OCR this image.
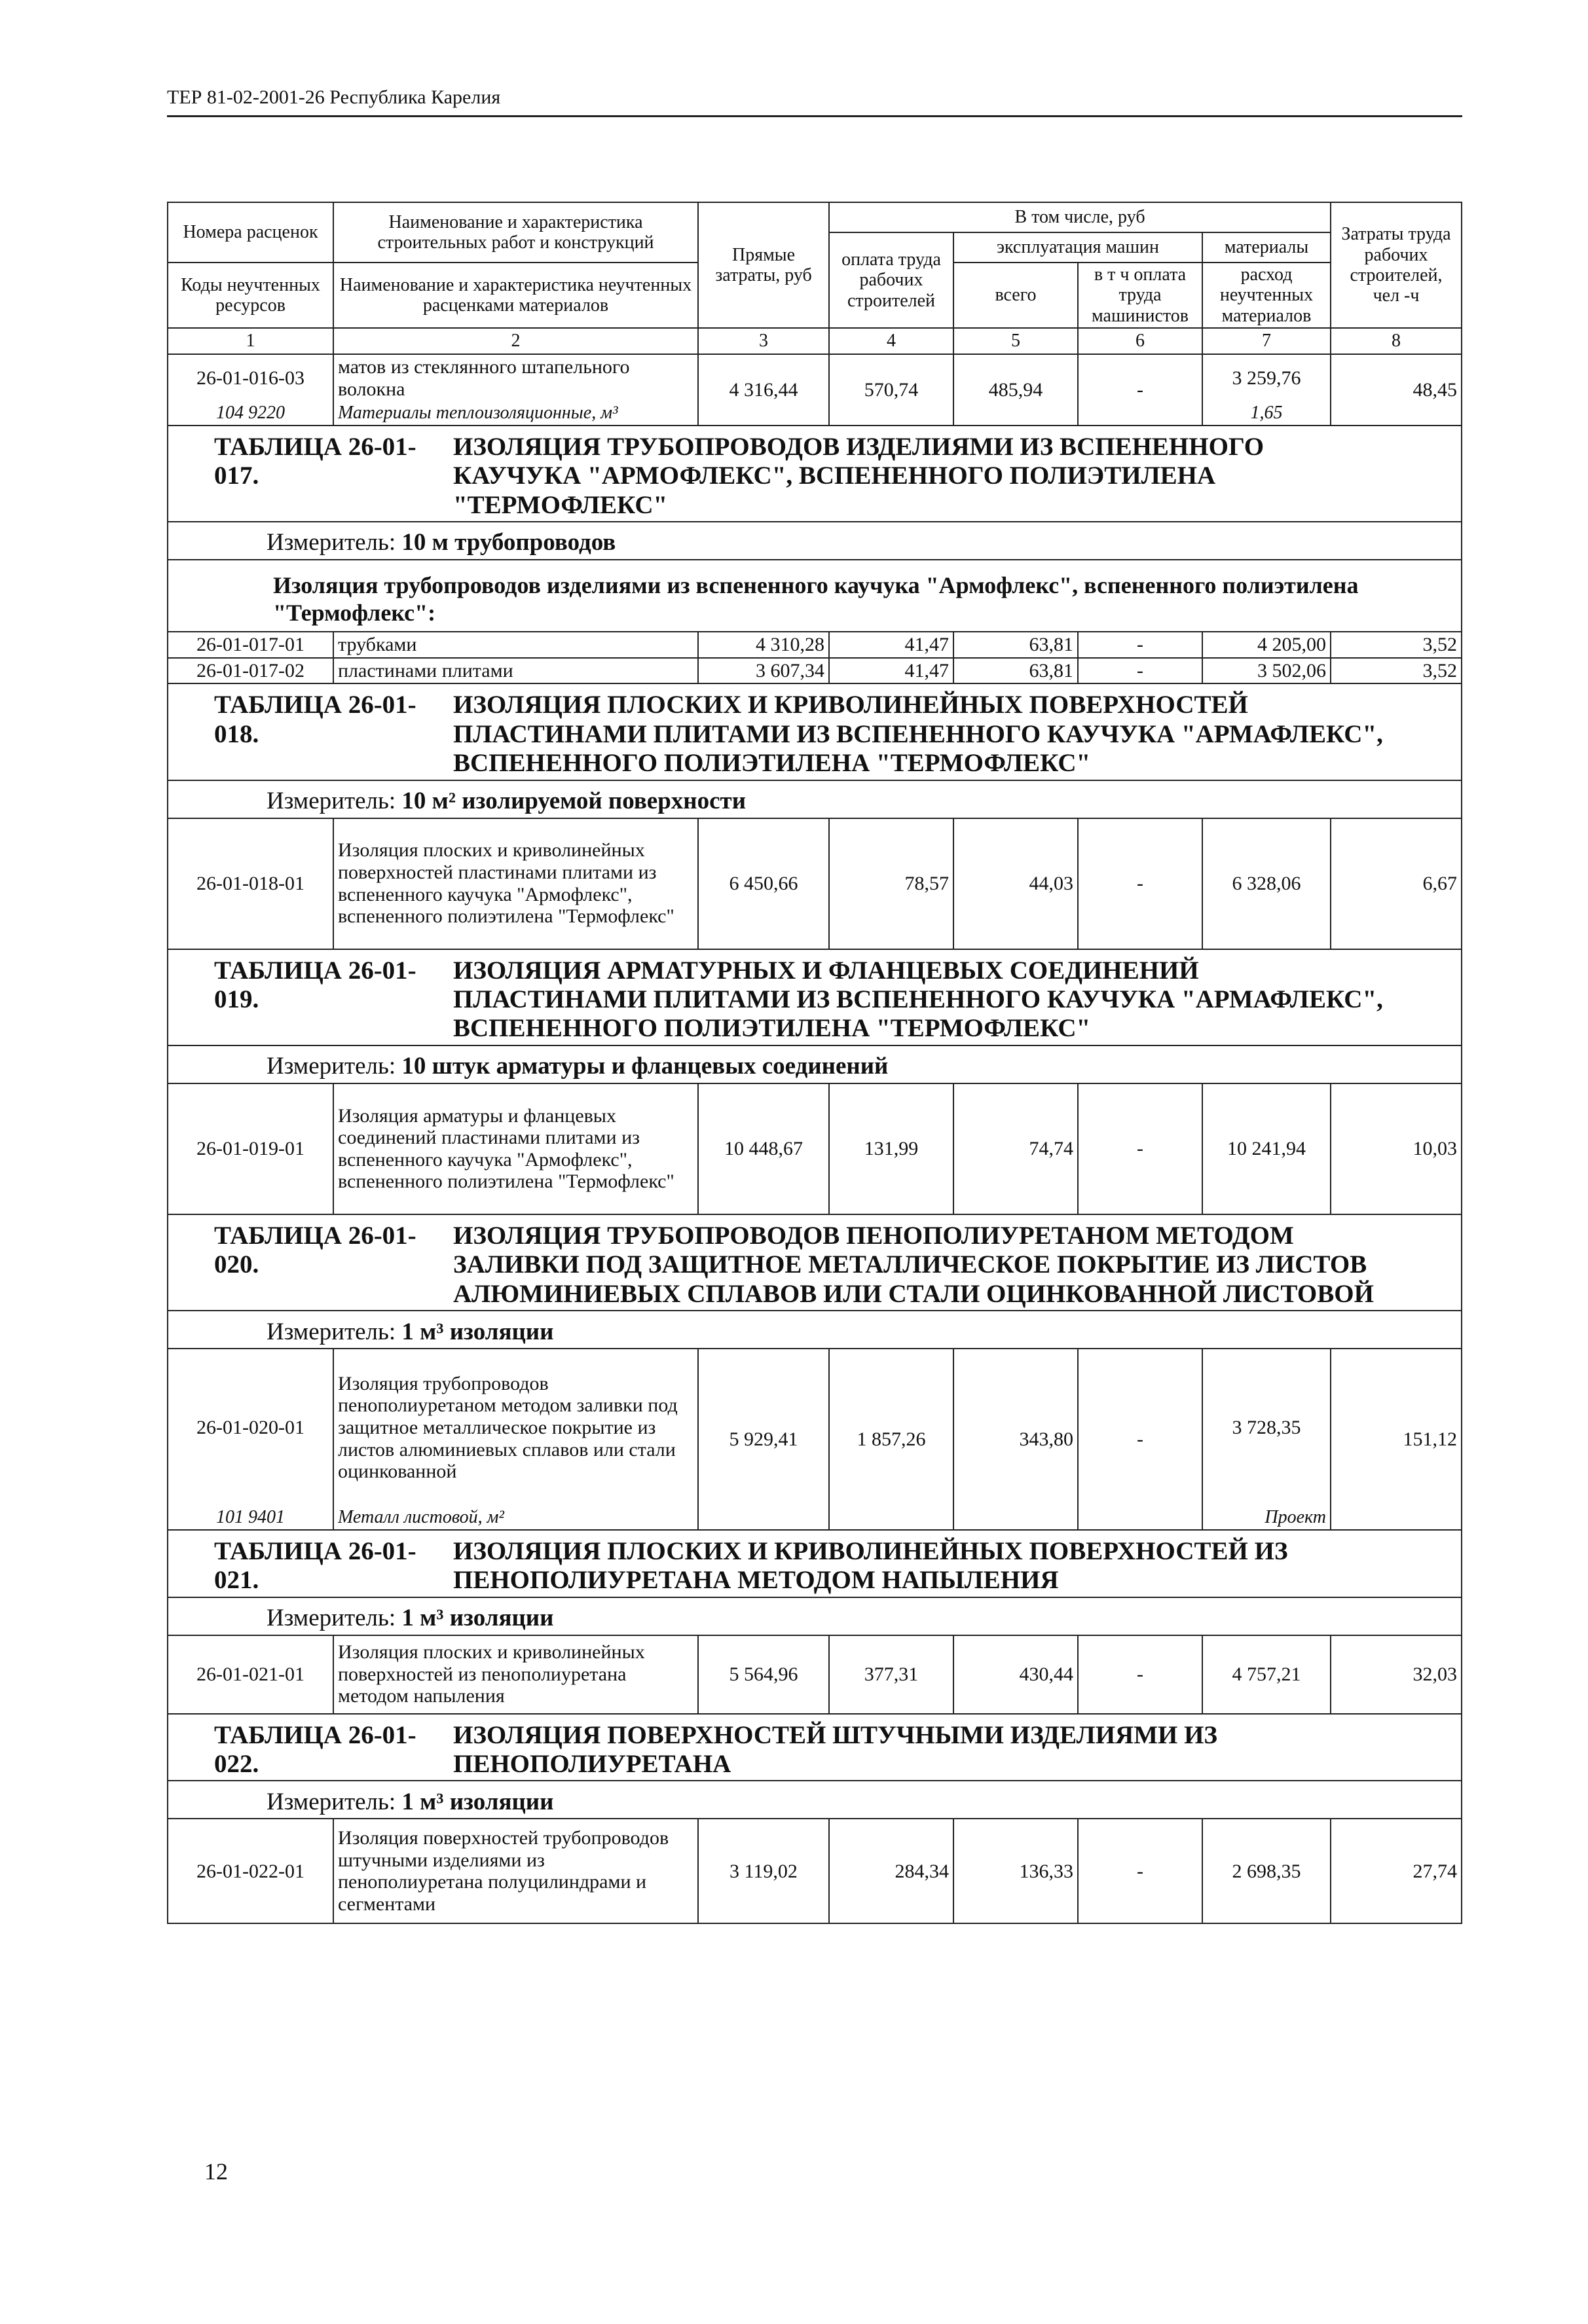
ТЕР 81-02-2001-26 Республика Карелия
Номера расценок	Наименование и характеристика строительных работ и конструкций	Прямые затраты, руб	В том числе, руб				Затраты труда рабочих строителей, чел -ч
			оплата труда рабочих строителей	эксплуатация машин		материалы	
Коды неучтенных ресурсов	Наименование и характеристика неучтенных расценками материалов			всего	в т ч оплата труда машинистов	расход неучтенных материалов	

1	2	3	4	5	6	7	8
26-01-016-03	матов из стеклянного штапельного волокна	4 316,44	570,74	485,94	-	3 259,76	48,45
104 9220	Материалы теплоизоляционные, м³					1,65	
ТАБЛИЦА 26-01-017.ИЗОЛЯЦИЯ ТРУБОПРОВОДОВ ИЗДЕЛИЯМИ ИЗ ВСПЕНЕННОГО КАУЧУКА "АРМОФЛЕКС", ВСПЕНЕННОГО ПОЛИЭТИЛЕНА "ТЕРМОФЛЕКС"							
Измеритель: 10 м трубопроводов							
Изоляция трубопроводов изделиями из вспененного каучука "Армофлекс", вспененного полиэтилена "Термофлекс":							
26-01-017-01	трубками	4 310,28	41,47	63,81	-	4 205,00	3,52
26-01-017-02	пластинами плитами	3 607,34	41,47	63,81	-	3 502,06	3,52
ТАБЛИЦА 26-01-018.ИЗОЛЯЦИЯ ПЛОСКИХ И КРИВОЛИНЕЙНЫХ ПОВЕРХНОСТЕЙ ПЛАСТИНАМИ ПЛИТАМИ ИЗ ВСПЕНЕННОГО КАУЧУКА "АРМАФЛЕКС", ВСПЕНЕННОГО ПОЛИЭТИЛЕНА "ТЕРМОФЛЕКС"							
Измеритель: 10 м² изолируемой поверхности							
26-01-018-01	Изоляция плоских и криволинейных поверхностей пластинами плитами из вспененного каучука "Армофлекс", вспененного полиэтилена "Термофлекс"	6 450,66	78,57	44,03	-	6 328,06	6,67
ТАБЛИЦА 26-01-019.ИЗОЛЯЦИЯ АРМАТУРНЫХ И ФЛАНЦЕВЫХ СОЕДИНЕНИЙ ПЛАСТИНАМИ ПЛИТАМИ ИЗ ВСПЕНЕННОГО КАУЧУКА "АРМАФЛЕКС", ВСПЕНЕННОГО ПОЛИЭТИЛЕНА "ТЕРМОФЛЕКС"							
Измеритель: 10 штук арматуры и фланцевых соединений							
26-01-019-01	Изоляция арматуры и фланцевых соединений пластинами плитами из вспененного каучука "Армофлекс", вспененного полиэтилена "Термофлекс"	10 448,67	131,99	74,74	-	10 241,94	10,03
ТАБЛИЦА 26-01-020.ИЗОЛЯЦИЯ ТРУБОПРОВОДОВ ПЕНОПОЛИУРЕТАНОМ МЕТОДОМ ЗАЛИВКИ ПОД ЗАЩИТНОЕ МЕТАЛЛИЧЕСКОЕ ПОКРЫТИЕ ИЗ ЛИСТОВ АЛЮМИНИЕВЫХ СПЛАВОВ ИЛИ СТАЛИ ОЦИНКОВАННОЙ ЛИСТОВОЙ							
Измеритель: 1 м³ изоляции							
26-01-020-01	Изоляция трубопроводов пенополиуретаном методом заливки под защитное металлическое покрытие из листов алюминиевых сплавов или стали оцинкованной	5 929,41	1 857,26	343,80	-	3 728,35	151,12
101 9401	Металл листовой, м²					Проект	
ТАБЛИЦА 26-01-021.ИЗОЛЯЦИЯ ПЛОСКИХ И КРИВОЛИНЕЙНЫХ ПОВЕРХНОСТЕЙ ИЗ ПЕНОПОЛИУРЕТАНА МЕТОДОМ НАПЫЛЕНИЯ							
Измеритель: 1 м³ изоляции							
26-01-021-01	Изоляция плоских и криволинейных поверхностей из пенополиуретана методом напыления	5 564,96	377,31	430,44	-	4 757,21	32,03
ТАБЛИЦА 26-01-022.ИЗОЛЯЦИЯ ПОВЕРХНОСТЕЙ ШТУЧНЫМИ ИЗДЕЛИЯМИ ИЗ ПЕНОПОЛИУРЕТАНА							
Измеритель: 1 м³ изоляции							
26-01-022-01	Изоляция поверхностей трубопроводов штучными изделиями из пенополиуретана полуцилиндрами и сегментами	3 119,02	284,34	136,33	-	2 698,35	27,74
12
